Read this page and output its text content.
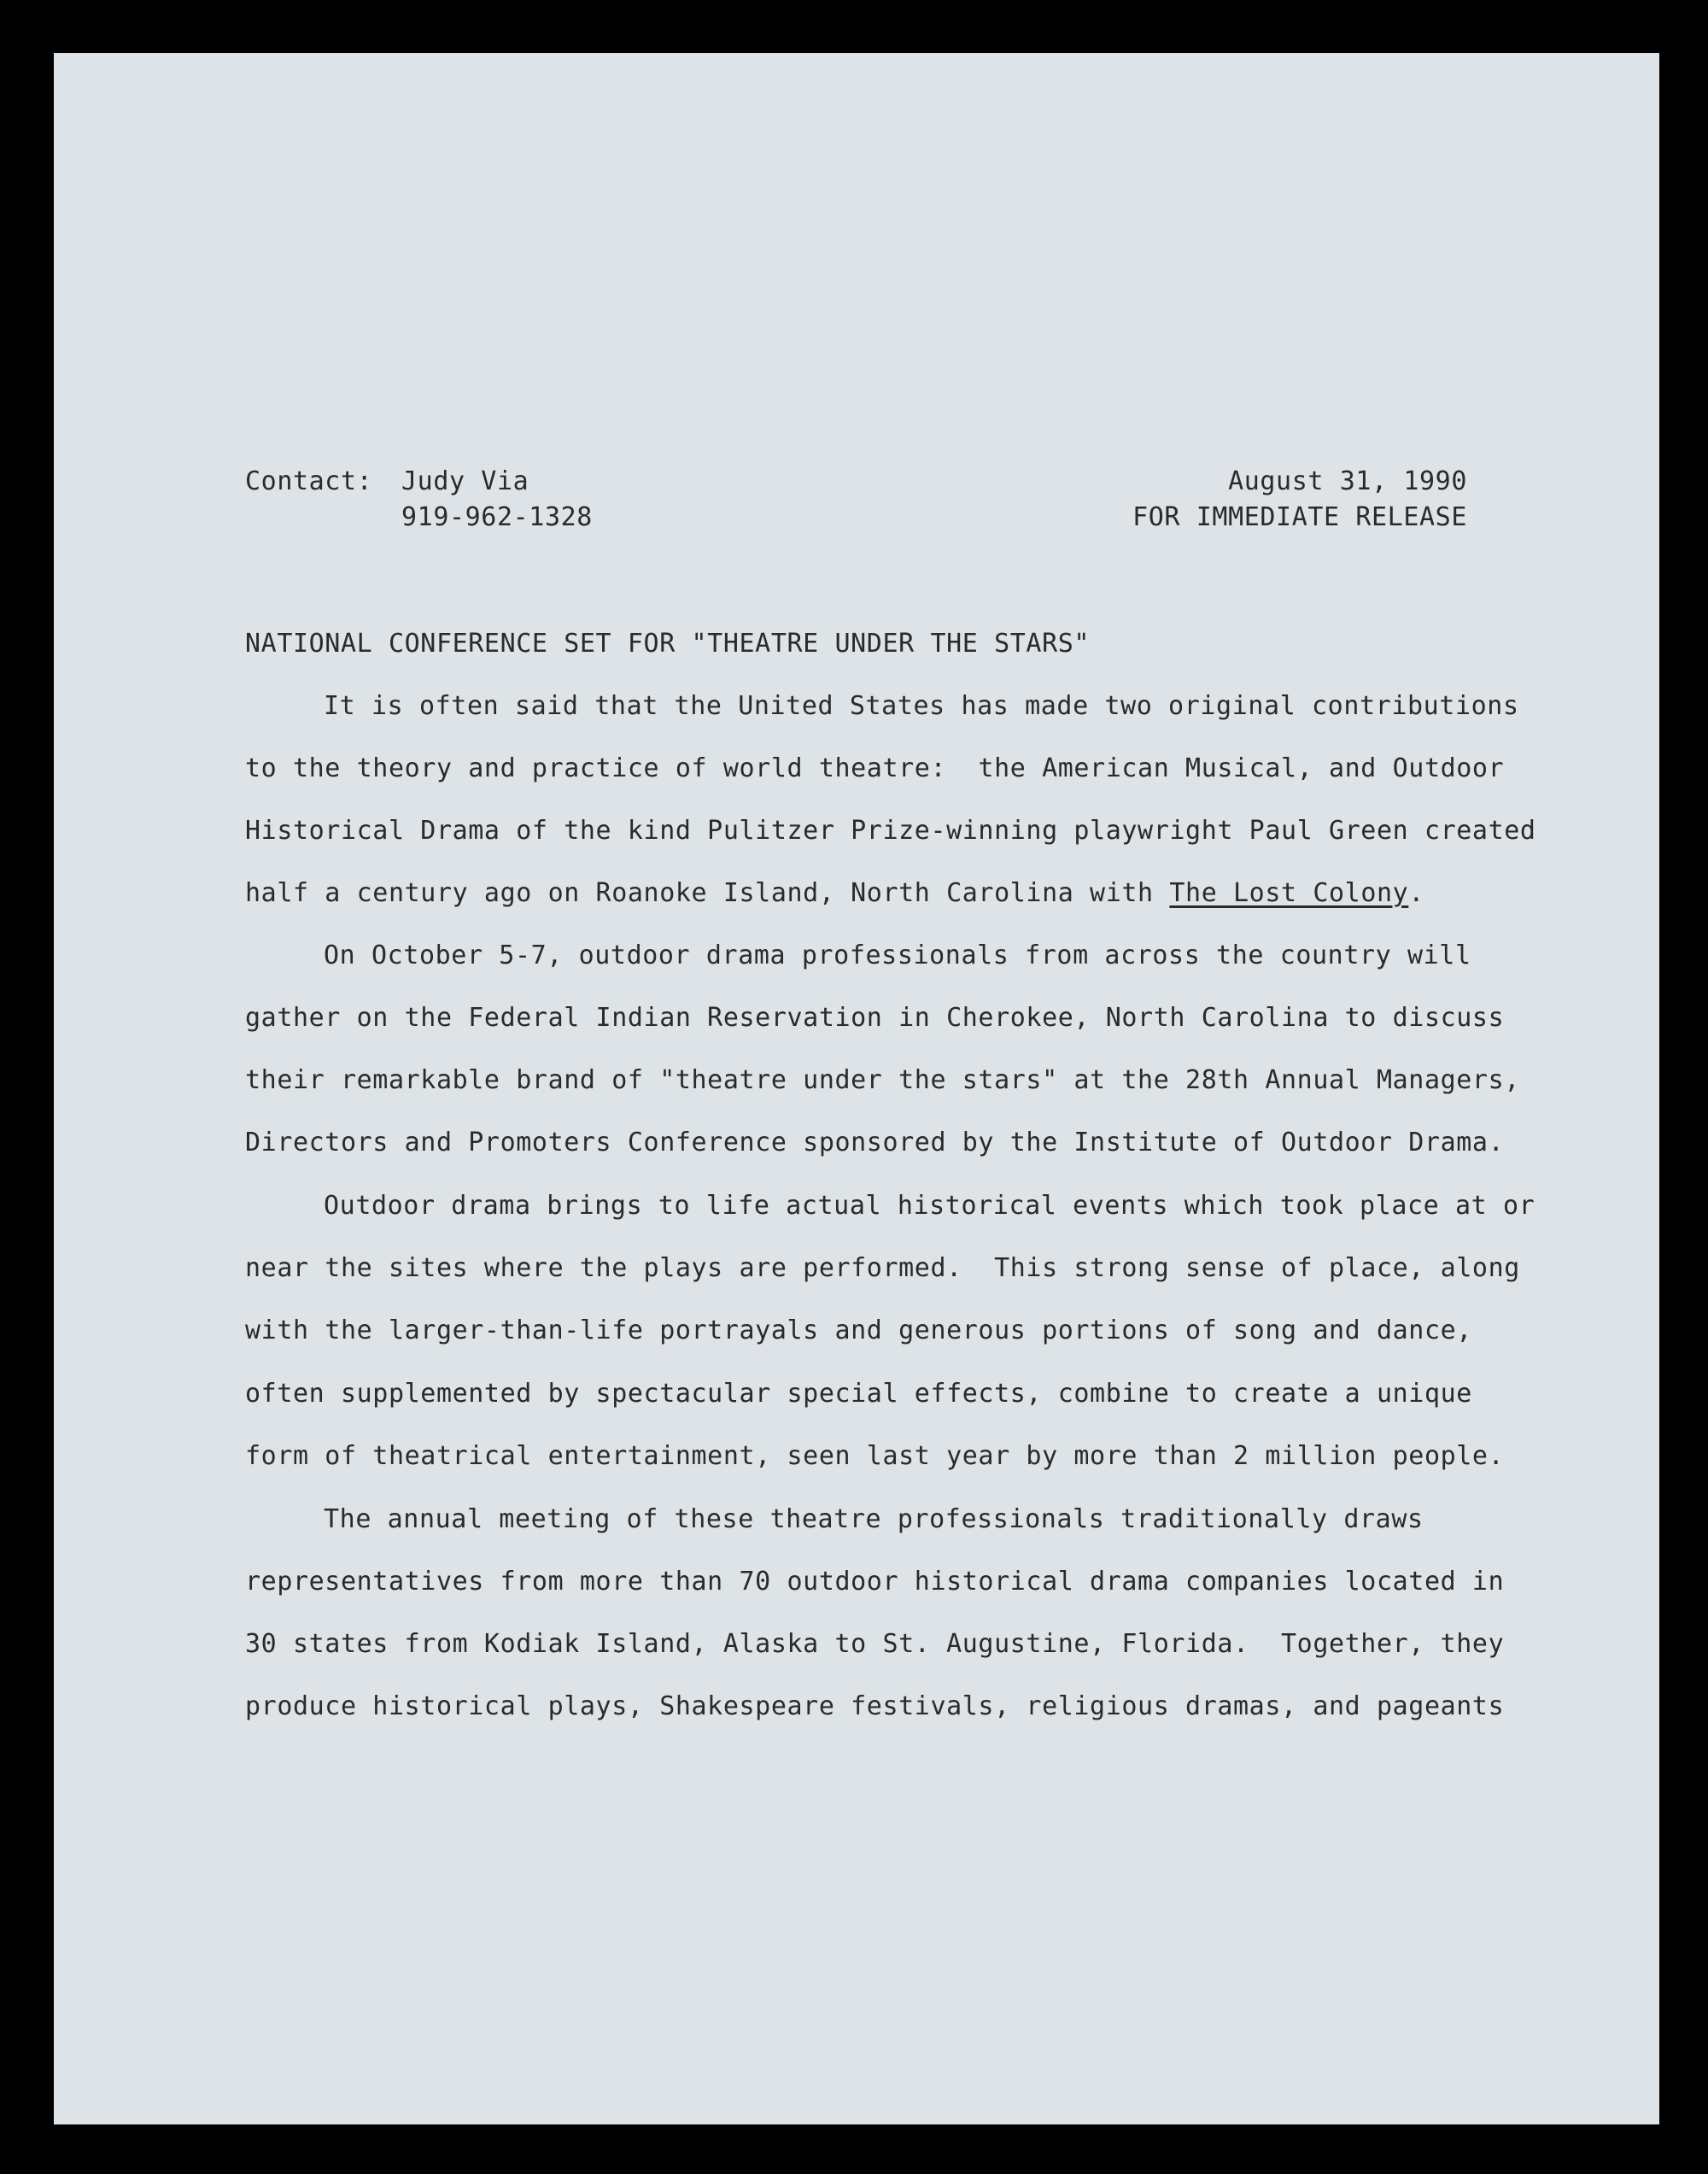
Contact: Judy Via
919-962-1328
August 31, 1990
FOR IMMEDIATE RELEASE
NATIONAL CONFERENCE SET FOR "THEATRE UNDER THE STARS"
It is often said that the United States has made two original contributions
to the theory and practice of world theatre:  the American Musical, and Outdoor
Historical Drama of the kind Pulitzer Prize-winning playwright Paul Green created
half a century ago on Roanoke Island, North Carolina with The Lost Colony.
On October 5-7, outdoor drama professionals from across the country will
gather on the Federal Indian Reservation in Cherokee, North Carolina to discuss
their remarkable brand of "theatre under the stars" at the 28th Annual Managers,
Directors and Promoters Conference sponsored by the Institute of Outdoor Drama.
Outdoor drama brings to life actual historical events which took place at or
near the sites where the plays are performed.  This strong sense of place, along
with the larger-than-life portrayals and generous portions of song and dance,
often supplemented by spectacular special effects, combine to create a unique
form of theatrical entertainment, seen last year by more than 2 million people.
The annual meeting of these theatre professionals traditionally draws
representatives from more than 70 outdoor historical drama companies located in
30 states from Kodiak Island, Alaska to St. Augustine, Florida.  Together, they
produce historical plays, Shakespeare festivals, religious dramas, and pageants
